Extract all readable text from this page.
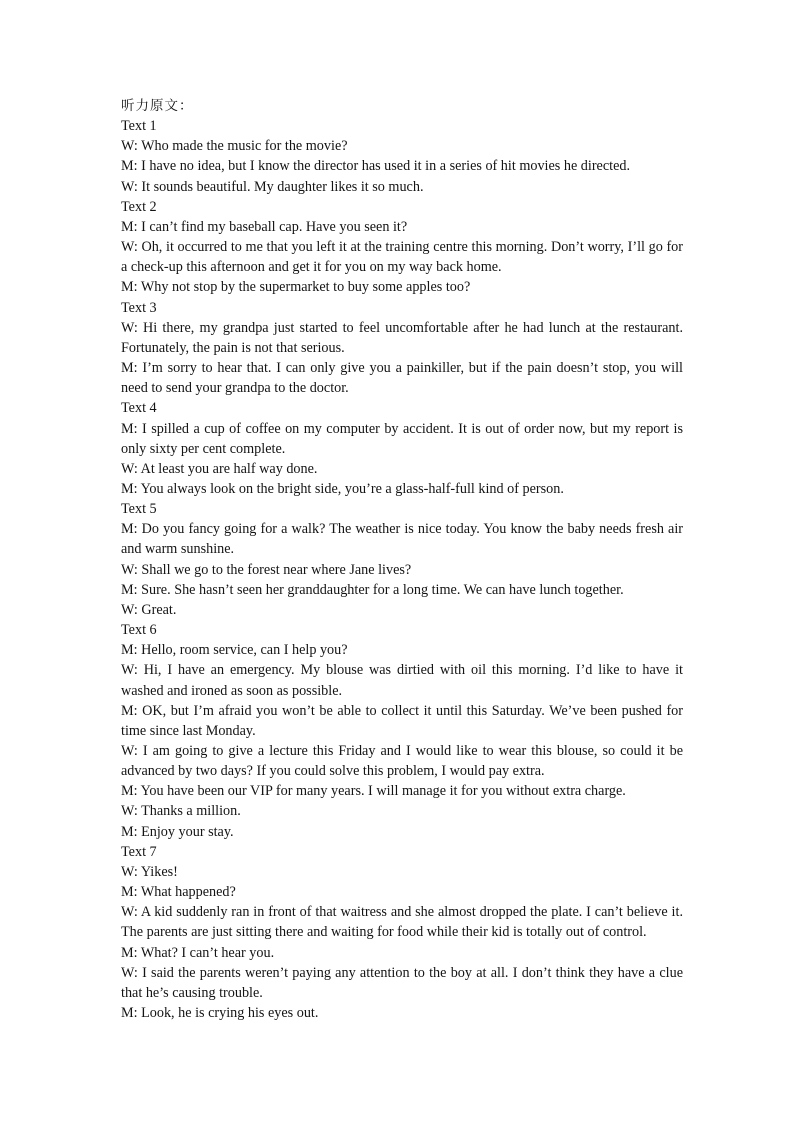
听力原文：
Text 1
W: Who made the music for the movie?
M: I have no idea, but I know the director has used it in a series of hit movies he directed.
W: It sounds beautiful. My daughter likes it so much.
Text 2
M: I can’t find my baseball cap. Have you seen it?
W: Oh, it occurred to me that you left it at the training centre this morning. Don’t worry, I’ll go for a check-up this afternoon and get it for you on my way back home.
M: Why not stop by the supermarket to buy some apples too?
Text 3
W: Hi there, my grandpa just started to feel uncomfortable after he had lunch at the restaurant. Fortunately, the pain is not that serious.
M: I’m sorry to hear that. I can only give you a painkiller, but if the pain doesn’t stop, you will need to send your grandpa to the doctor.
Text 4
M: I spilled a cup of coffee on my computer by accident. It is out of order now, but my report is only sixty per cent complete.
W: At least you are half way done.
M: You always look on the bright side, you’re a glass-half-full kind of person.
Text 5
M: Do you fancy going for a walk? The weather is nice today. You know the baby needs fresh air and warm sunshine.
W: Shall we go to the forest near where Jane lives?
M: Sure. She hasn’t seen her granddaughter for a long time. We can have lunch together.
W: Great.
Text 6
M: Hello, room service, can I help you?
W: Hi, I have an emergency. My blouse was dirtied with oil this morning. I’d like to have it washed and ironed as soon as possible.
M: OK, but I’m afraid you won’t be able to collect it until this Saturday. We’ve been pushed for time since last Monday.
W: I am going to give a lecture this Friday and I would like to wear this blouse, so could it be advanced by two days? If you could solve this problem, I would pay extra.
M: You have been our VIP for many years. I will manage it for you without extra charge.
W: Thanks a million.
M: Enjoy your stay.
Text 7
W: Yikes!
M: What happened?
W: A kid suddenly ran in front of that waitress and she almost dropped the plate. I can’t believe it. The parents are just sitting there and waiting for food while their kid is totally out of control.
M: What? I can’t hear you.
W: I said the parents weren’t paying any attention to the boy at all. I don’t think they have a clue that he’s causing trouble.
M: Look, he is crying his eyes out.
